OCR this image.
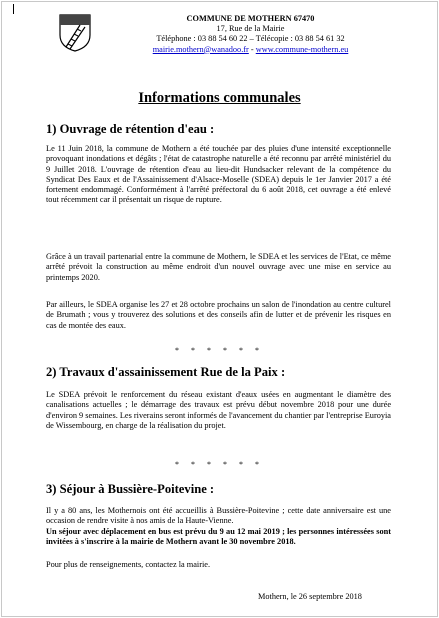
COMMUNE DE MOTHERN 67470
17, Rue de la Mairie
Téléphone : 03 88 54 60 22 – Télécopie : 03 88 54 61 32
mairie.mothern@wanadoo.fr - www.commune-mothern.eu
Informations communales
1) Ouvrage de rétention d'eau :
Le 11 Juin 2018, la commune de Mothern a été touchée par des pluies d'une intensité exceptionnelle provoquant inondations et dégâts ; l'état de catastrophe naturelle a été reconnu par arrêté ministériel du 9 Juillet 2018. L'ouvrage de rétention d'eau au lieu-dit Hundsacker relevant de la compétence du Syndicat Des Eaux et de l'Assainissement d'Alsace-Moselle (SDEA) depuis le 1er Janvier 2017 a été fortement endommagé. Conformément à l'arrêté préfectoral du 6 août 2018, cet ouvrage a été enlevé tout récemment car il présentait un risque de rupture.
Grâce à un travail partenarial entre la commune de Mothern, le SDEA et les services de l'Etat, ce même arrêté prévoit la construction au même endroit d'un nouvel ouvrage avec une mise en service au printemps 2020.
Par ailleurs, le SDEA organise les 27 et 28 octobre prochains un salon de l'inondation au centre culturel de Brumath ; vous y trouverez des solutions et des conseils afin de lutter et de prévenir les risques en cas de montée des eaux.
* * * * * *
2) Travaux d'assainissement Rue de la Paix :
Le SDEA prévoit le renforcement du réseau existant d'eaux usées en augmentant le diamètre des canalisations actuelles ; le démarrage des travaux est prévu début novembre 2018 pour une durée d'environ 9 semaines. Les riverains seront informés de l'avancement du chantier par l'entreprise Euroyia de Wissembourg, en charge de la réalisation du projet.
* * * * * *
3) Séjour à Bussière-Poitevine :
Il y a 80 ans, les Mothernois ont été accueillis à Bussière-Poitevine ; cette date anniversaire est une occasion de rendre visite à nos amis de la Haute-Vienne.
Un séjour avec déplacement en bus est prévu du 9 au 12 mai 2019 ; les personnes intéressées sont invitées à s'inscrire à la mairie de Mothern avant le 30 novembre 2018.
Pour plus de renseignements, contactez la mairie.
Mothern, le 26 septembre 2018
